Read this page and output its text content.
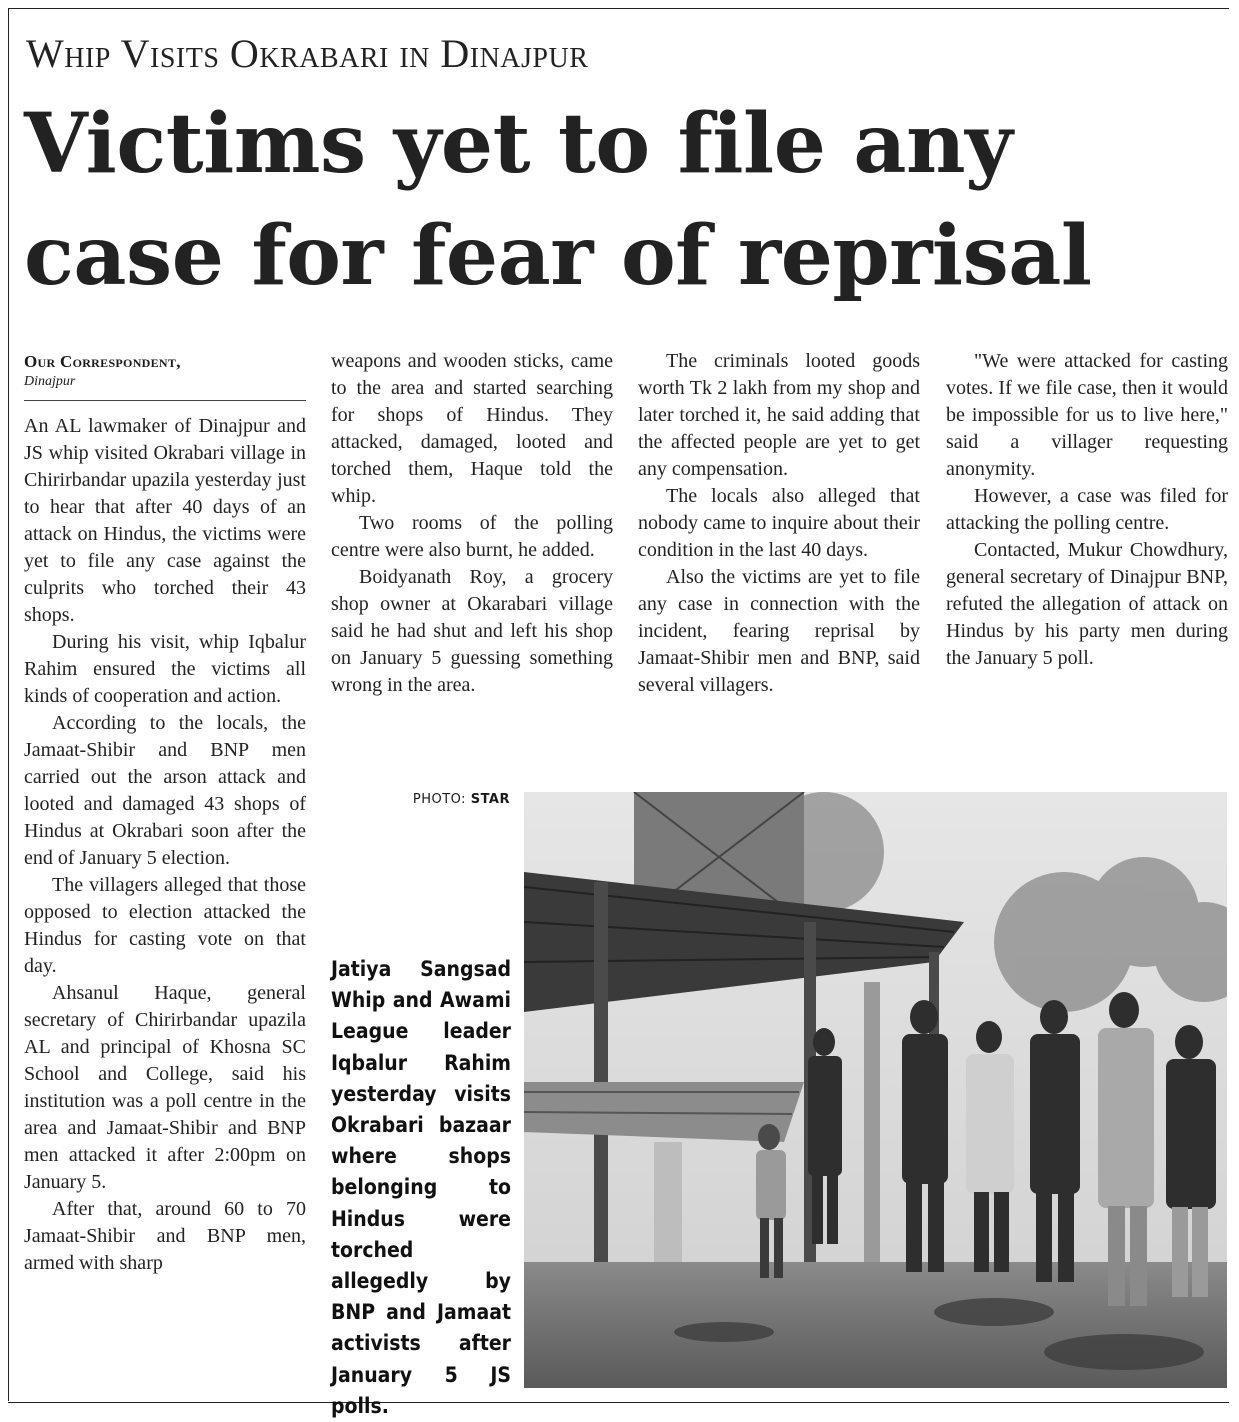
Whip Visits Okrabari in Dinajpur
Victims yet to file any case for fear of reprisal
Our Correspondent,
Dinajpur

An AL lawmaker of Dinajpur and JS whip visited Okrabari village in Chirirbandar upazila yesterday just to hear that after 40 days of an attack on Hindus, the victims were yet to file any case against the culprits who torched their 43 shops.

During his visit, whip Iqbalur Rahim ensured the victims all kinds of cooperation and action.

According to the locals, the Jamaat-Shibir and BNP men carried out the arson attack and looted and damaged 43 shops of Hindus at Okrabari soon after the end of January 5 election.

The villagers alleged that those opposed to election attacked the Hindus for casting vote on that day.

Ahsanul Haque, general secretary of Chirirbandar upazila AL and principal of Khosna SC School and College, said his institution was a poll centre in the area and Jamaat-Shibir and BNP men attacked it after 2:00pm on January 5.

After that, around 60 to 70 Jamaat-Shibir and BNP men, armed with sharp

weapons and wooden sticks, came to the area and started searching for shops of Hindus. They attacked, damaged, looted and torched them, Haque told the whip.

Two rooms of the polling centre were also burnt, he added.

Boidyanath Roy, a grocery shop owner at Okarabari village said he had shut and left his shop on January 5 guessing something wrong in the area.

The criminals looted goods worth Tk 2 lakh from my shop and later torched it, he said adding that the affected people are yet to get any compensation.

The locals also alleged that nobody came to inquire about their condition in the last 40 days.

Also the victims are yet to file any case in connection with the incident, fearing reprisal by Jamaat-Shibir men and BNP, said several villagers.

"We were attacked for casting votes. If we file case, then it would be impossible for us to live here," said a villager requesting anonymity.

However, a case was filed for attacking the polling centre.

Contacted, Mukur Chowdhury, general secretary of Dinajpur BNP, refuted the allegation of attack on Hindus by his party men during the January 5 poll.

PHOTO: STAR
Jatiya Sangsad Whip and Awami League leader Iqbalur Rahim yesterday visits Okrabari bazaar where shops belonging to Hindus were torched allegedly by BNP and Jamaat activists after January 5 JS polls.
